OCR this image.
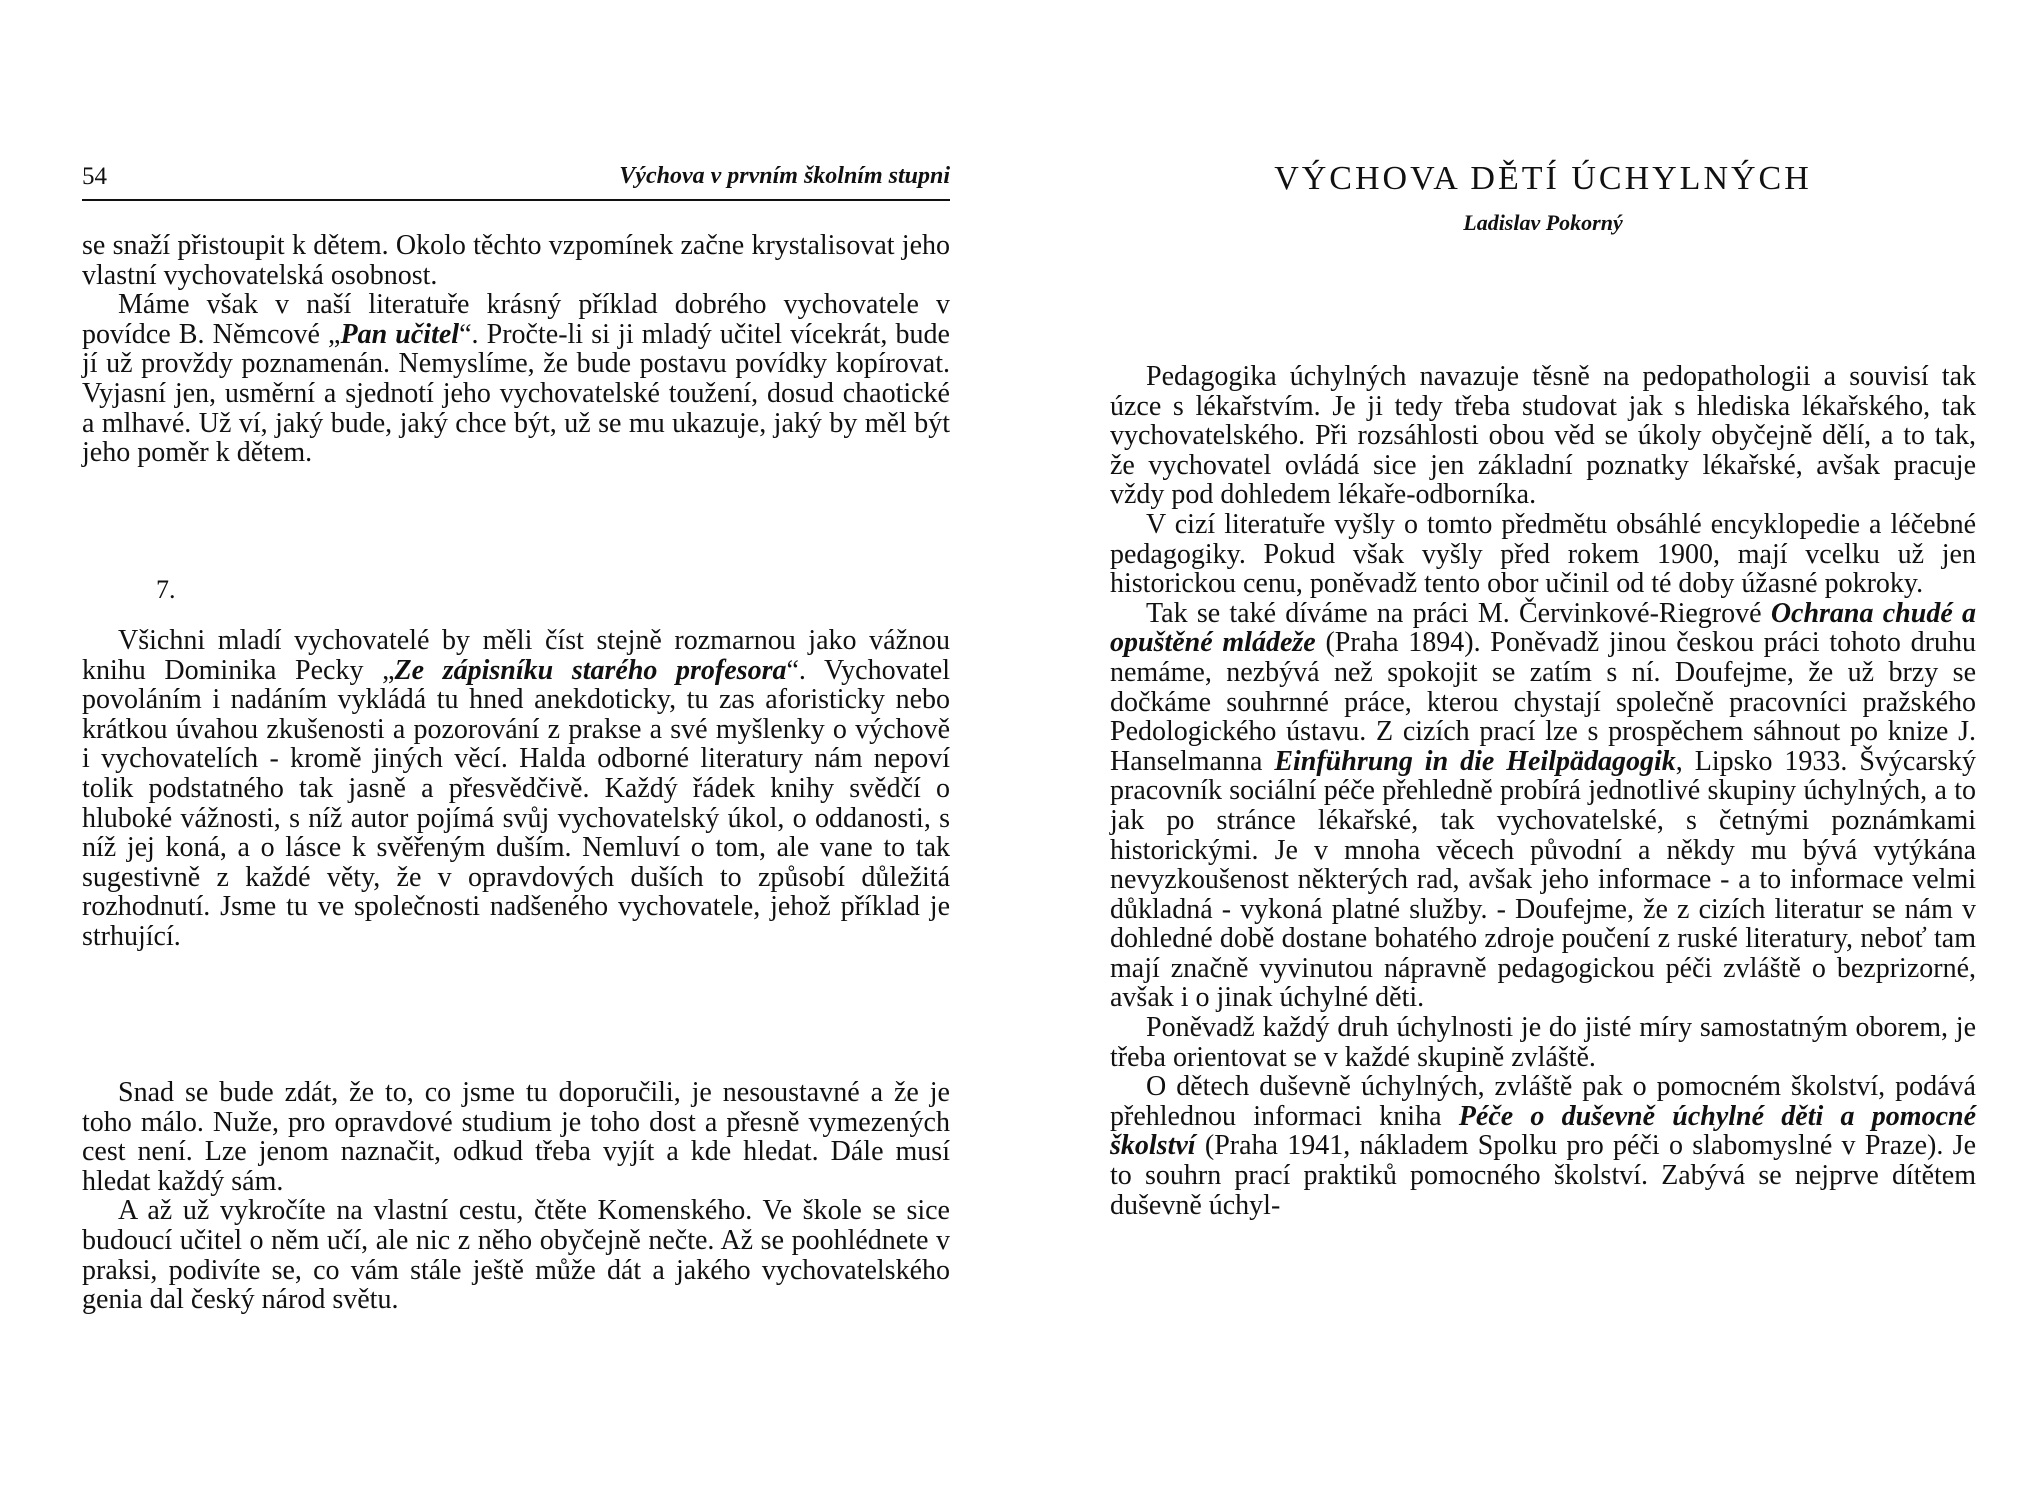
54	Výchova v prvním školním stupni

se snaží přistoupit k dětem. Okolo těchto vzpomínek začne krystalisovat jeho vlastní vychovatelská osobnost.

Máme však v naší literatuře krásný příklad dobrého vychovatele v povídce B. Němcové „Pan učitel“. Pročte-li si ji mladý učitel vícekrát, bude jí už provždy poznamenán. Nemyslíme, že bude postavu povídky kopírovat. Vyjasní jen, usměrní a sjednotí jeho vychovatelské toužení, dosud chaotické a mlhavé. Už ví, jaký bude, jaký chce být, už se mu ukazuje, jaký by měl být jeho poměr k dětem.

7.

Všichni mladí vychovatelé by měli číst stejně rozmarnou jako vážnou knihu Dominika Pecky „Ze zápisníku starého profesora“. Vychovatel povoláním i nadáním vykládá tu hned anekdoticky, tu zas aforisticky nebo krátkou úvahou zkušenosti a pozorování z prakse a své myšlenky o výchově i vychovatelích - kromě jiných věcí. Halda odborné literatury nám nepoví tolik podstatného tak jasně a přesvědčivě. Každý řádek knihy svědčí o hluboké vážnosti, s níž autor pojímá svůj vychovatelský úkol, o oddanosti, s níž jej koná, a o lásce k svěřeným duším. Nemluví o tom, ale vane to tak sugestivně z každé věty, že v opravdových duších to způsobí důležitá rozhodnutí. Jsme tu ve společnosti nadšeného vychovatele, jehož příklad je strhující.

Snad se bude zdát, že to, co jsme tu doporučili, je nesoustavné a že je toho málo. Nuže, pro opravdové studium je toho dost a přesně vymezených cest není. Lze jenom naznačit, odkud třeba vyjít a kde hledat. Dále musí hledat každý sám.

A až už vykročíte na vlastní cestu, čtěte Komenského. Ve škole se sice budoucí učitel o něm učí, ale nic z něho obyčejně nečte. Až se poohlédnete v praksi, podivíte se, co vám stále ještě může dát a jakého vychovatelského genia dal český národ světu.

VÝCHOVA DĚTÍ ÚCHYLNÝCH
Ladislav Pokorný

Pedagogika úchylných navazuje těsně na pedopathologii a souvisí tak úzce s lékařstvím. Je ji tedy třeba studovat jak s hlediska lékařského, tak vychovatelského. Při rozsáhlosti obou věd se úkoly obyčejně dělí, a to tak, že vychovatel ovládá sice jen základní poznatky lékařské, avšak pracuje vždy pod dohledem lékaře-odborníka.

V cizí literatuře vyšly o tomto předmětu obsáhlé encyklopedie a léčebné pedagogiky. Pokud však vyšly před rokem 1900, mají vcelku už jen historickou cenu, poněvadž tento obor učinil od té doby úžasné pokroky.

Tak se také díváme na práci M. Červinkové-Riegrové Ochrana chudé a opuštěné mládeže (Praha 1894). Poněvadž jinou českou práci tohoto druhu nemáme, nezbývá než spokojit se zatím s ní. Doufejme, že už brzy se dočkáme souhrnné práce, kterou chystají společně pracovníci pražského Pedologického ústavu. Z cizích prací lze s prospěchem sáhnout po knize J. Hanselmanna Einführung in die Heilpädagogik, Lipsko 1933. Švýcarský pracovník sociální péče přehledně probírá jednotlivé skupiny úchylných, a to jak po stránce lékařské, tak vychovatelské, s četnými poznámkami historickými. Je v mnoha věcech původní a někdy mu bývá vytýkána nevyzkoušenost některých rad, avšak jeho informace - a to informace velmi důkladná - vykoná platné služby. - Doufejme, že z cizích literatur se nám v dohledné době dostane bohatého zdroje poučení z ruské literatury, neboť tam mají značně vyvinutou nápravně pedagogickou péči zvláště o bezprizorné, avšak i o jinak úchylné děti.

Poněvadž každý druh úchylnosti je do jisté míry samostatným oborem, je třeba orientovat se v každé skupině zvláště.

O dětech duševně úchylných, zvláště pak o pomocném školství, podává přehlednou informaci kniha Péče o duševně úchylné děti a pomocné školství (Praha 1941, nákladem Spolku pro péči o slabomyslné v Praze). Je to souhrn prací praktiků pomocného školství. Zabývá se nejprve dítětem duševně úchyl-
